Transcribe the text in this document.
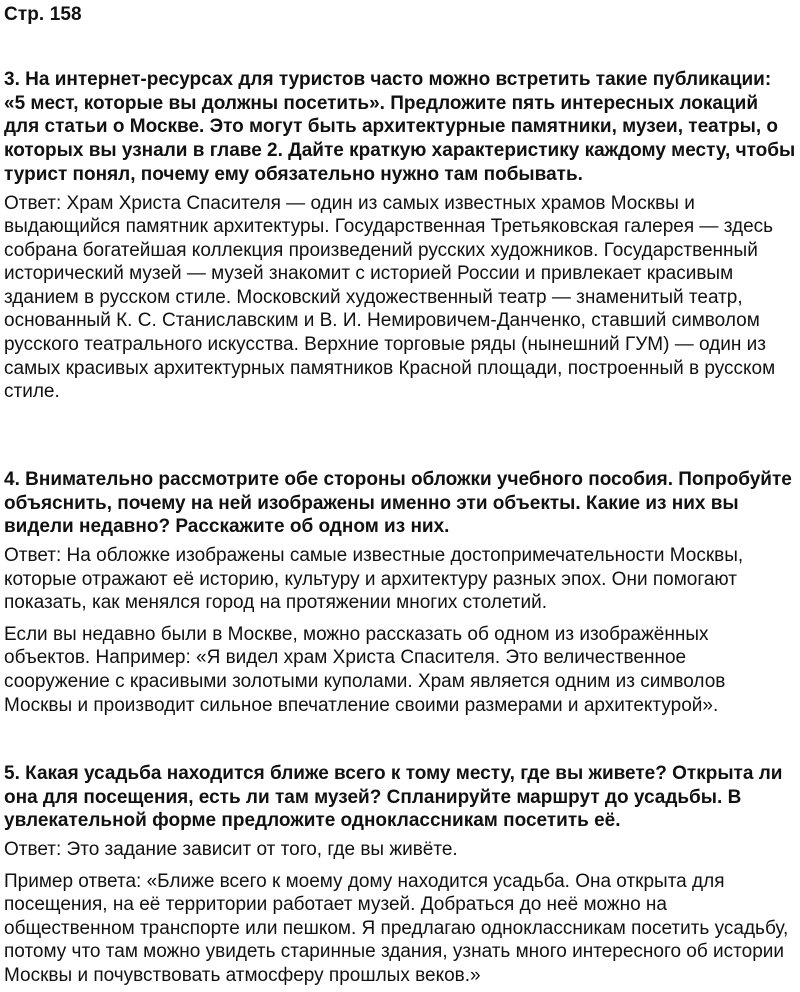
Стр. 158

3. На интернет-ресурсах для туристов часто можно встретить такие публикации: «5 мест, которые вы должны посетить». Предложите пять интересных локаций для статьи о Москве. Это могут быть архитектурные памятники, музеи, театры, о которых вы узнали в главе 2. Дайте краткую характеристику каждому месту, чтобы турист понял, почему ему обязательно нужно там побывать.

Ответ: Храм Христа Спасителя — один из самых известных храмов Москвы и выдающийся памятник архитектуры. Государственная Третьяковская галерея — здесь собрана богатейшая коллекция произведений русских художников. Государственный исторический музей — музей знакомит с историей России и привлекает красивым зданием в русском стиле. Московский художественный театр — знаменитый театр, основанный К. С. Станиславским и В. И. Немировичем-Данченко, ставший символом русского театрального искусства. Верхние торговые ряды (нынешний ГУМ) — один из самых красивых архитектурных памятников Красной площади, построенный в русском стиле.

4. Внимательно рассмотрите обе стороны обложки учебного пособия. Попробуйте объяснить, почему на ней изображены именно эти объекты. Какие из них вы видели недавно? Расскажите об одном из них.

Ответ: На обложке изображены самые известные достопримечательности Москвы, которые отражают её историю, культуру и архитектуру разных эпох. Они помогают показать, как менялся город на протяжении многих столетий.

Если вы недавно были в Москве, можно рассказать об одном из изображённых объектов. Например: «Я видел храм Христа Спасителя. Это величественное сооружение с красивыми золотыми куполами. Храм является одним из символов Москвы и производит сильное впечатление своими размерами и архитектурой».

5. Какая усадьба находится ближе всего к тому месту, где вы живете? Открыта ли она для посещения, есть ли там музей? Спланируйте маршрут до усадьбы. В увлекательной форме предложите одноклассникам посетить её.

Ответ: Это задание зависит от того, где вы живёте.

Пример ответа: «Ближе всего к моему дому находится усадьба. Она открыта для посещения, на её территории работает музей. Добраться до неё можно на общественном транспорте или пешком. Я предлагаю одноклассникам посетить усадьбу, потому что там можно увидеть старинные здания, узнать много интересного об истории Москвы и почувствовать атмосферу прошлых веков.»
